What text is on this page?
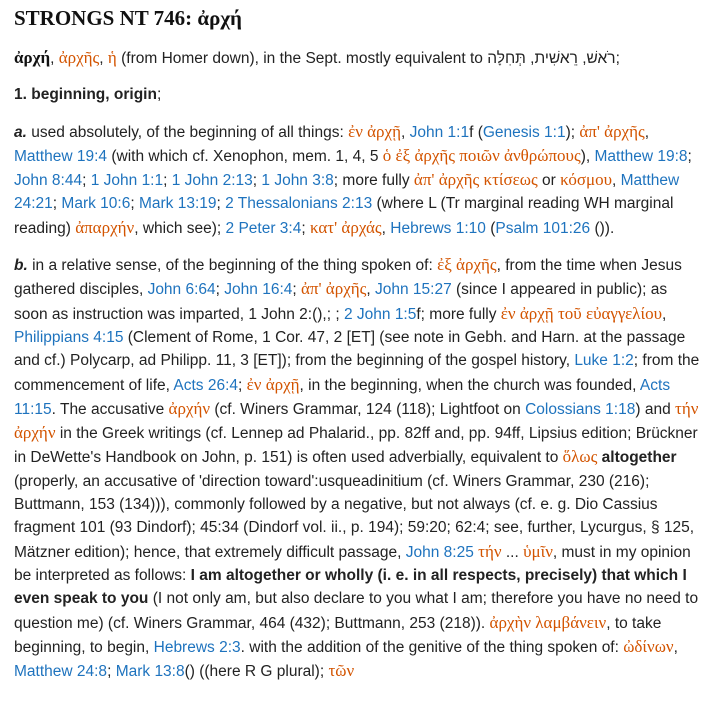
STRONGS NT 746: ἀρχή

ἀρχή, ἀρχῆς, ἡ (from Homer down), in the Sept. mostly equivalent to רֹאשׁ, רֵאשִׁית, תְּחִלָּה;

1. beginning, origin;

a. used absolutely, of the beginning of all things: ἐν ἀρχῇ, John 1:1f (Genesis 1:1); ἀπ' ἀρχῆς, Matthew 19:4 (with which cf. Xenophon, mem. 1, 4, 5 ὁ ἐξ ἀρχῆς ποιῶν ἀνθρώπους), Matthew 19:8; John 8:44; 1 John 1:1; 1 John 2:13; 1 John 3:8; more fully ἀπ' ἀρχῆς κτίσεως or κόσμου, Matthew 24:21; Mark 10:6; Mark 13:19; 2 Thessalonians 2:13 (where L (Tr marginal reading WH marginal reading) ἀπαρχήν, which see); 2 Peter 3:4; κατ' ἀρχάς, Hebrews 1:10 (Psalm 101:26 ()).

b. in a relative sense, of the beginning of the thing spoken of: ἐξ ἀρχῆς, from the time when Jesus gathered disciples, John 6:64; John 16:4; ἀπ' ἀρχῆς, John 15:27 (since I appeared in public); as soon as instruction was imparted, 1 John 2:(),; ; 2 John 1:5f; more fully ἐν ἀρχῇ τοῦ εὐαγγελίου, Philippians 4:15 (Clement of Rome, 1 Cor. 47, 2 [ET] (see note in Gebh. and Harn. at the passage and cf.) Polycarp, ad Philipp. 11, 3 [ET]); from the beginning of the gospel history, Luke 1:2; from the commencement of life, Acts 26:4; ἐν ἀρχῇ, in the beginning, when the church was founded, Acts 11:15. The accusative ἀρχήν (cf. Winers Grammar, 124 (118); Lightfoot on Colossians 1:18) and τήν ἀρχήν in the Greek writings (cf. Lennep ad Phalarid., pp. 82ff and, pp. 94ff, Lipsius edition; Brückner in DeWette's Handbook on John, p. 151) is often used adverbially, equivalent to ὅλως altogether (properly, an accusative of 'direction toward':usqueadinitium (cf. Winers Grammar, 230 (216); Buttmann, 153 (134))), commonly followed by a negative, but not always (cf. e. g. Dio Cassius fragment 101 (93 Dindorf); 45:34 (Dindorf vol. ii., p. 194); 59:20; 62:4; see, further, Lycurgus, § 125, Mätzner edition); hence, that extremely difficult passage, John 8:25 τήν ... ὑμῖν, must in my opinion be interpreted as follows: I am altogether or wholly (i. e. in all respects, precisely) that which I even speak to you (I not only am, but also declare to you what I am; therefore you have no need to question me) (cf. Winers Grammar, 464 (432); Buttmann, 253 (218)). ἀρχὴν λαμβάνειν, to take beginning, to begin, Hebrews 2:3. with the addition of the genitive of the thing spoken of: ὠδίνων, Matthew 24:8; Mark 13:8() ((here R G plural); τῶν
